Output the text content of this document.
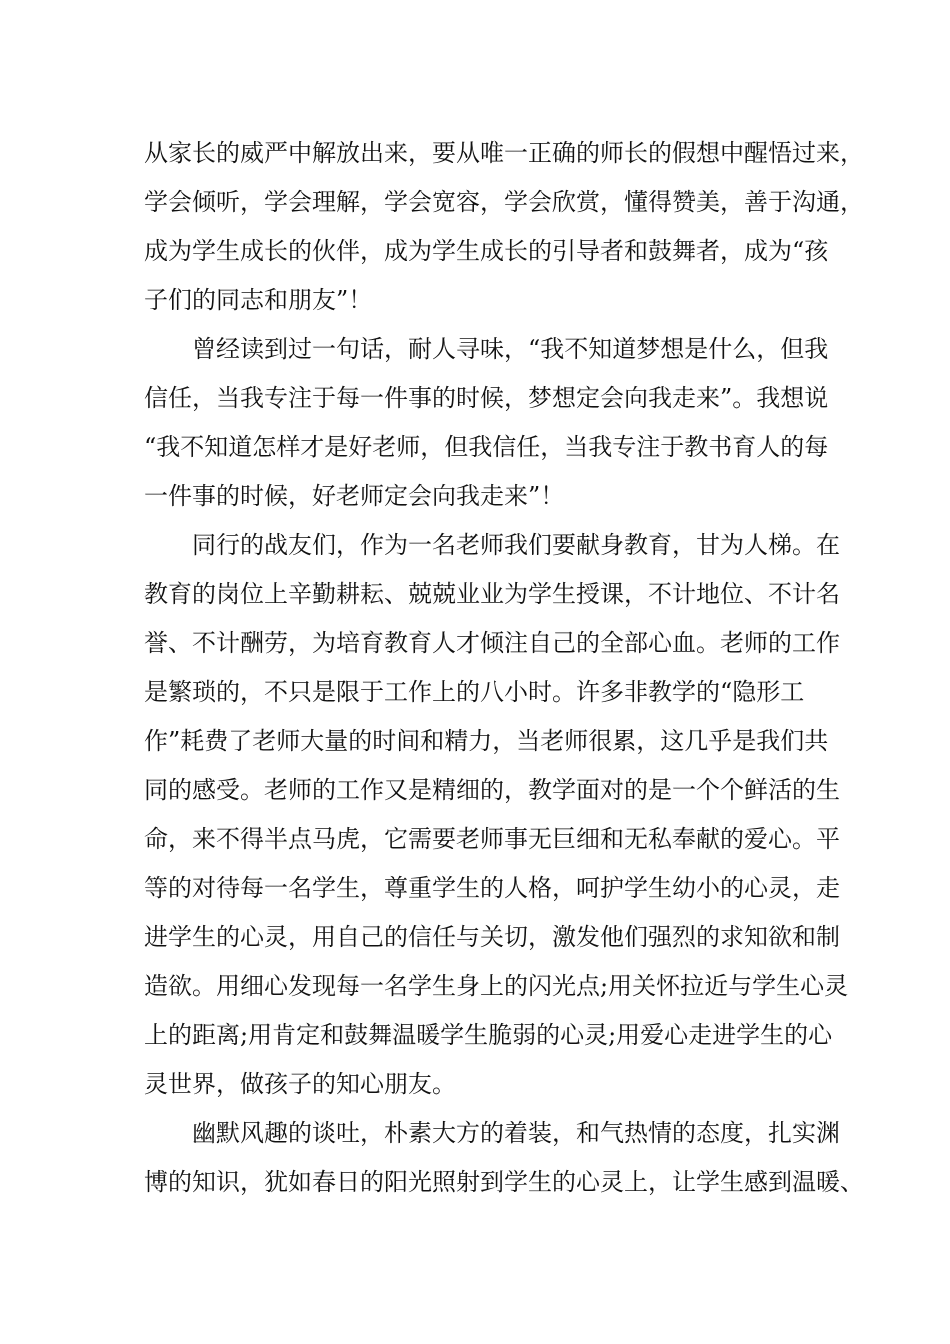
从家长的威严中解放出来，要从唯一正确的师长的假想中醒悟过来，
学会倾听，学会理解，学会宽容，学会欣赏，懂得赞美，善于沟通，
成为学生成长的伙伴，成为学生成长的引导者和鼓舞者，成为“孩
子们的同志和朋友”！
曾经读到过一句话，耐人寻味，“我不知道梦想是什么，但我
信任，当我专注于每一件事的时候，梦想定会向我走来”。我想说
“我不知道怎样才是好老师，但我信任，当我专注于教书育人的每
一件事的时候，好老师定会向我走来”！
同行的战友们，作为一名老师我们要献身教育，甘为人梯。在
教育的岗位上辛勤耕耘、兢兢业业为学生授课，不计地位、不计名
誉、不计酬劳，为培育教育人才倾注自己的全部心血。老师的工作
是繁琐的，不只是限于工作上的八小时。许多非教学的“隐形工
作”耗费了老师大量的时间和精力，当老师很累，这几乎是我们共
同的感受。老师的工作又是精细的，教学面对的是一个个鲜活的生
命，来不得半点马虎，它需要老师事无巨细和无私奉献的爱心。平
等的对待每一名学生，尊重学生的人格，呵护学生幼小的心灵，走
进学生的心灵，用自己的信任与关切，激发他们强烈的求知欲和制
造欲。用细心发现每一名学生身上的闪光点;用关怀拉近与学生心灵
上的距离;用肯定和鼓舞温暖学生脆弱的心灵;用爱心走进学生的心
灵世界，做孩子的知心朋友。
幽默风趣的谈吐，朴素大方的着装，和气热情的态度，扎实渊
博的知识，犹如春日的阳光照射到学生的心灵上，让学生感到温暖、
